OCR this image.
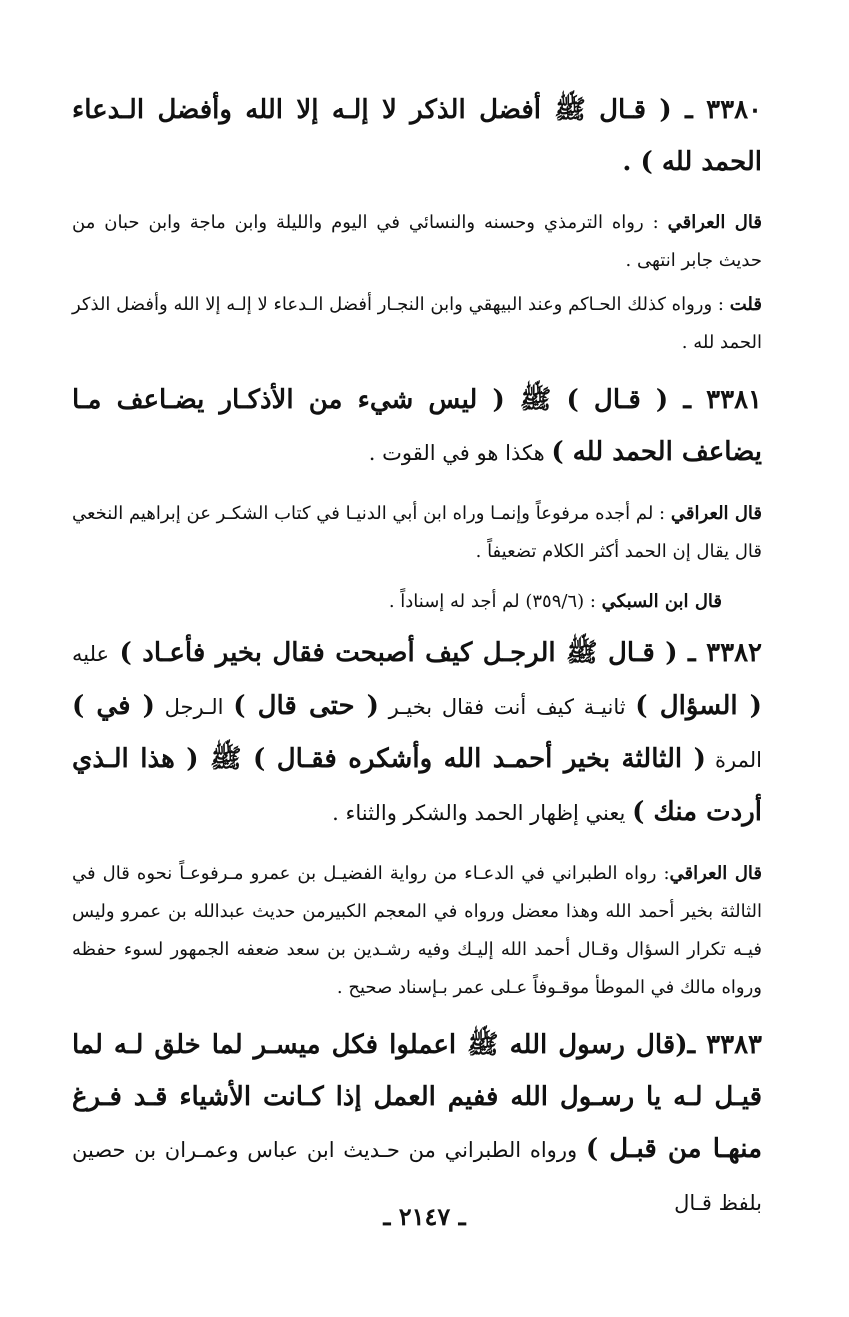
٣٣٨٠ ـ ( قـال ﷺ أفضل الذكر لا إلـه إلا الله وأفضل الـدعاء الحمد لله ) .

قال العراقي : رواه الترمذي وحسنه والنسائي في اليوم والليلة وابن ماجة وابن حبان من حديث جابر انتهى .

قلت : ورواه كذلك الحـاكم وعند البيهقي وابن النجـار أفضل الـدعاء لا إلـه إلا الله وأفضل الذكر الحمد لله .

٣٣٨١ ـ ( قـال ) ﷺ ( ليس شيء من الأذكـار يضـاعف مـا يضاعف الحمد لله ) هكذا هو في القوت .

قال العراقي : لم أجده مرفوعاً وإنمـا وراه ابن أبي الدنيـا في كتاب الشكـر عن إبراهيم النخعي قال يقال إن الحمد أكثر الكلام تضعيفاً .

قال ابن السبكي : (٣٥٩/٦) لم أجد له إسناداً .

٣٣٨٢ ـ ( قـال ﷺ الرجـل كيف أصبحت فقال بخير فأعـاد ) عليه ( السؤال ) ثانيـة كيف أنت فقال بخيـر ( حتى قال ) الـرجل ( في ) المرة ( الثالثة بخير أحمـد الله وأشكره فقـال ) ﷺ ( هذا الـذي أردت منك ) يعني إظهار الحمد والشكر والثناء .

قال العراقي: رواه الطبراني في الدعـاء من رواية الفضيـل بن عمرو مـرفوعـاً نحوه قال في الثالثة بخير أحمد الله وهذا معضل ورواه في المعجم الكبيرمن حديث عبدالله بن عمرو وليس فيـه تكرار السؤال وقـال أحمد الله إليـك وفيه رشـدين بن سعد ضعفه الجمهور لسوء حفظه ورواه مالك في الموطأ موقـوفاً عـلى عمر بـإسناد صحيح .

٣٣٨٣ ـ(قال رسول الله ﷺ اعملوا فكل ميسـر لما خلق لـه لما قيـل لـه يا رسـول الله ففيم العمل إذا كـانت الأشياء قـد فـرغ منهـا من قبـل ) ورواه الطبراني من حـديث ابن عباس وعمـران بن حصين بلفظ قـال

ـ ٢١٤٧ ـ
